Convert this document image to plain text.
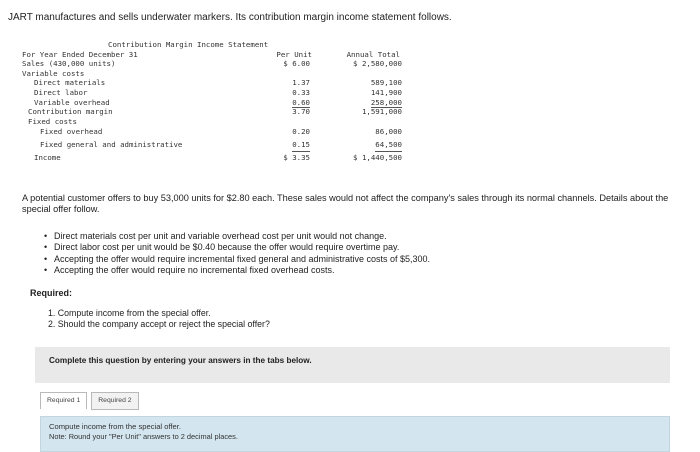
JART manufactures and sells underwater markers. Its contribution margin income statement follows.
Contribution Margin Income Statement
For Year Ended December 31	Per Unit	Annual Total
Sales (430,000 units)	$ 6.00	$ 2,580,000
Variable costs
Direct materials	1.37	589,100
Direct labor	0.33	141,900
Variable overhead	0.60	258,000
Contribution margin	3.70	1,591,000
Fixed costs
Fixed overhead	0.20	86,000
Fixed general and administrative	0.15	64,500
Income	$ 3.35	$ 1,440,500
A potential customer offers to buy 53,000 units for $2.80 each. These sales would not affect the company's sales through its normal channels. Details about the special offer follow.
• Direct materials cost per unit and variable overhead cost per unit would not change.
• Direct labor cost per unit would be $0.40 because the offer would require overtime pay.
• Accepting the offer would require incremental fixed general and administrative costs of $5,300.
• Accepting the offer would require no incremental fixed overhead costs.
Required:
1. Compute income from the special offer.
2. Should the company accept or reject the special offer?
Complete this question by entering your answers in the tabs below.
Required 1	Required 2
Compute income from the special offer.
Note: Round your "Per Unit" answers to 2 decimal places.
